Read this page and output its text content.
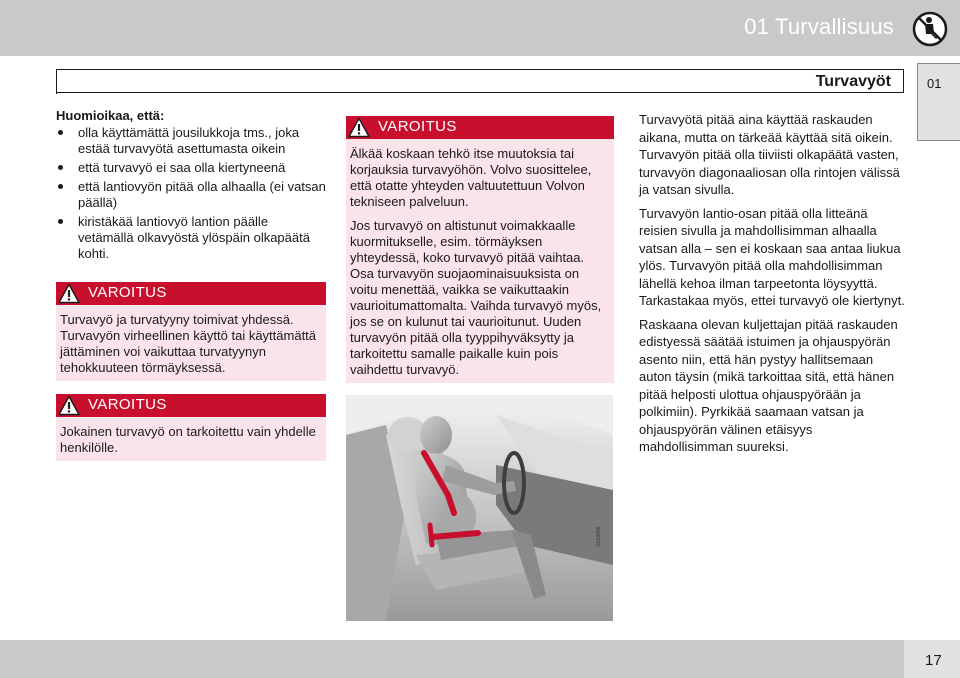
01 Turvallisuus
Turvavyöt	01
Huomioikaa, että:
olla käyttämättä jousilukkoja tms., joka estää turvavyötä asettumasta oikein
että turvavyö ei saa olla kiertyneenä
että lantiovyön pitää olla alhaalla (ei vatsan päällä)
kiristäkää lantiovyö lantion päälle vetämällä olkavyöstä ylöspäin olkapäätä kohti.
VAROITUS

Turvavyö ja turvatyyny toimivat yhdessä. Turvavyön virheellinen käyttö tai käyttämättä jättäminen voi vaikuttaa turvatyynyn tehokkuuteen törmäyksessä.

VAROITUS

Jokainen turvavyö on tarkoitettu vain yhdelle henkilölle.

VAROITUS

Älkää koskaan tehkö itse muutoksia tai korjauksia turvavyöhön. Volvo suosittelee, että otatte yhteyden valtuutettuun Volvon tekniseen palveluun.

Jos turvavyö on altistunut voimakkaalle kuormitukselle, esim. törmäyksen yhteydessä, koko turvavyö pitää vaihtaa. Osa turvavyön suojaominaisuuksista on voitu menettää, vaikka se vaikuttaakin vaurioitumattomalta. Vaihda turvavyö myös, jos se on kulunut tai vaurioitunut. Uuden turvavyön pitää olla tyyppihyväksytty ja tarkoitettu samalle paikalle kuin pois vaihdettu turvavyö.

G020696

Turvavyötä pitää aina käyttää raskauden aikana, mutta on tärkeää käyttää sitä oikein. Turvavyön pitää olla tiiviisti olkapäätä vasten, turvavyön diagonaaliosan olla rintojen välissä ja vatsan sivulla.

Turvavyön lantio-osan pitää olla litteänä reisien sivulla ja mahdollisimman alhaalla vatsan alla – sen ei koskaan saa antaa liukua ylös. Turvavyön pitää olla mahdollisimman lähellä kehoa ilman tarpeetonta löysyyttä. Tarkastakaa myös, ettei turvavyö ole kiertynyt.

Raskaana olevan kuljettajan pitää raskauden edistyessä säätää istuimen ja ohjauspyörän asento niin, että hän pystyy hallitsemaan auton täysin (mikä tarkoittaa sitä, että hänen pitää helposti ulottua ohjauspyörään ja polkimiin). Pyrkikää saamaan vatsan ja ohjauspyörän välinen etäisyys mahdollisimman suureksi.

17
